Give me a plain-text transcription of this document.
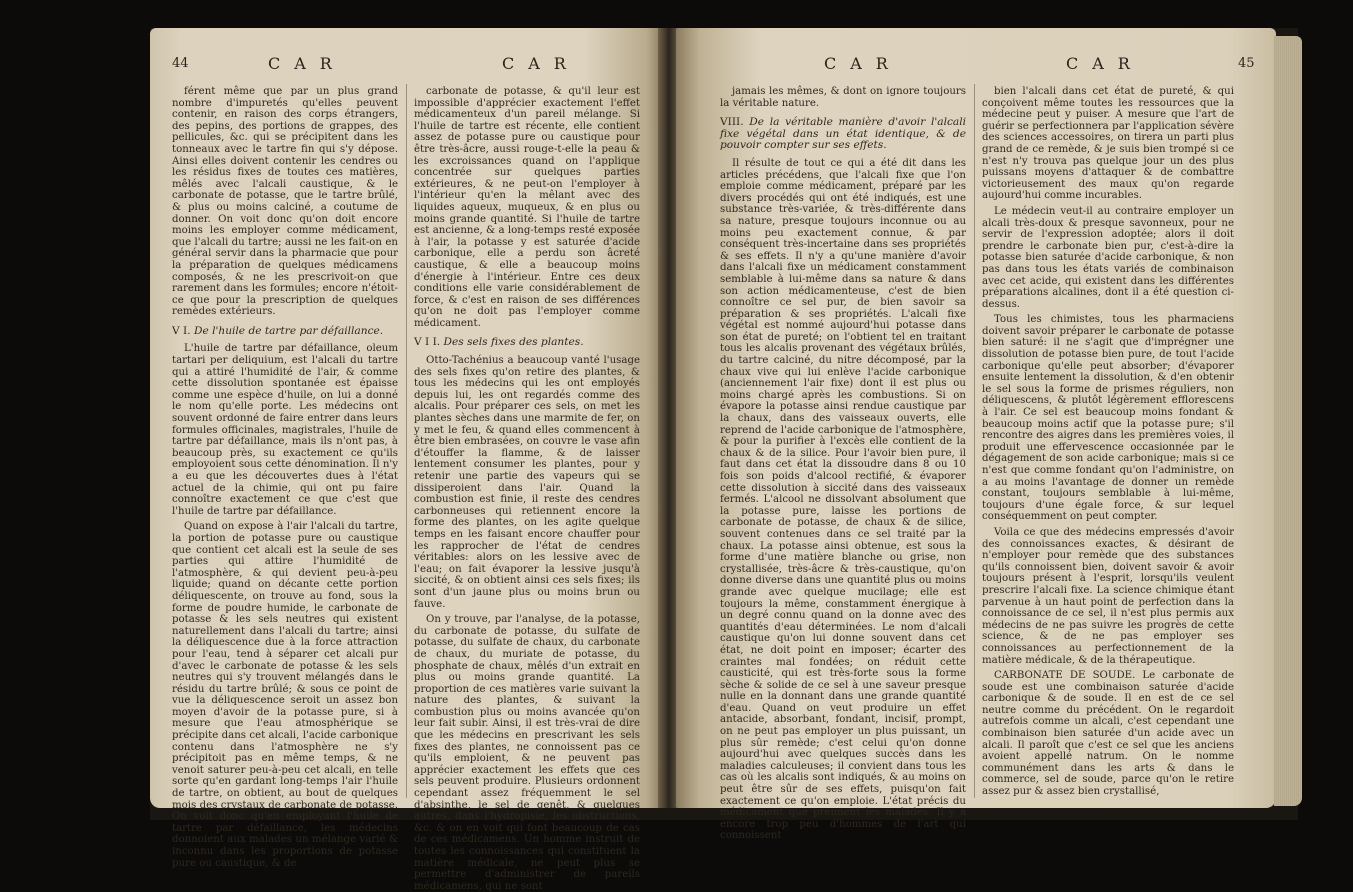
44	CAR	CAR

férent même que par un plus grand nombre d'impuretés qu'elles peuvent contenir, en raison des corps étrangers, des pepins, des portions de grappes, des pellicules, &c. qui se précipitent dans les tonneaux avec le tartre fin qui s'y dépose. Ainsi elles doivent contenir les cendres ou les résidus fixes de toutes ces matières, mêlés avec l'alcali caustique, & le carbonate de potasse, que le tartre brûlé, & plus ou moins calciné, a coutume de donner. On voit donc qu'on doit encore moins les employer comme médicament, que l'alcali du tartre; aussi ne les fait-on en général servir dans la pharmacie que pour la préparation de quelques médicamens composés, & ne les prescrivoit-on que rarement dans les formules; encore n'étoit-ce que pour la prescription de quelques remèdes extérieurs.

V I. De l'huile de tartre par défaillance.

L'huile de tartre par défaillance, oleum tartari per deliquium, est l'alcali du tartre qui a attiré l'humidité de l'air, & comme cette dissolution spontanée est épaisse comme une espèce d'huile, on lui a donné le nom qu'elle porte. Les médecins ont souvent ordonné de faire entrer dans leurs formules officinales, magistrales, l'huile de tartre par défaillance, mais ils n'ont pas, à beaucoup près, su exactement ce qu'ils employoient sous cette dénomination. Il n'y a eu que les découvertes dues à l'état actuel de la chimie, qui ont pu faire connoître exactement ce que c'est que l'huile de tartre par défaillance.

Quand on expose à l'air l'alcali du tartre, la portion de potasse pure ou caustique que contient cet alcali est la seule de ses parties qui attire l'humidité de l'atmosphère, & qui devient peu-à-peu liquide; quand on décante cette portion déliquescente, on trouve au fond, sous la forme de poudre humide, le carbonate de potasse & les sels neutres qui existent naturellement dans l'alcali du tartre; ainsi la déliquescence due à la force attraction pour l'eau, tend à séparer cet alcali pur d'avec le carbonate de potasse & les sels neutres qui s'y trouvent mélangés dans le résidu du tartre brûlé; & sous ce point de vue la déliquescence seroit un assez bon moyen d'avoir de la potasse pure, si à mesure que l'eau atmosphérique se précipite dans cet alcali, l'acide carbonique contenu dans l'atmosphère ne s'y précipitoit pas en même temps, & ne venoit saturer peu-à-peu cet alcali, en telle sorte qu'en gardant long-temps l'air l'huile de tartre, on obtient, au bout de quelques mois des crystaux de carbonate de potasse. On voit donc qu'en employant l'huile de tartre par défaillance, les médecins donnoient aux malades un mélange varié & inconnu dans les proportions de potasse pure ou caustique, & de

carbonate de potasse, & qu'il leur est impossible d'apprécier exactement l'effet médicamenteux d'un pareil mélange. Si l'huile de tartre est récente, elle contient assez de potasse pure ou caustique pour être très-âcre, aussi rouge-t-elle la peau & les excroissances quand on l'applique concentrée sur quelques parties extérieures, & ne peut-on l'employer à l'intérieur qu'en la mêlant avec des liquides aqueux, muqueux, & en plus ou moins grande quantité. Si l'huile de tartre est ancienne, & a long-temps resté exposée à l'air, la potasse y est saturée d'acide carbonique, elle a perdu son âcreté caustique, & elle a beaucoup moins d'énergie à l'intérieur. Entre ces deux conditions elle varie considérablement de force, & c'est en raison de ses différences qu'on ne doit pas l'employer comme médicament.

V I I. Des sels fixes des plantes.

Otto-Tachénius a beaucoup vanté l'usage des sels fixes qu'on retire des plantes, & tous les médecins qui les ont employés depuis lui, les ont regardés comme des alcalis. Pour préparer ces sels, on met les plantes sèches dans une marmite de fer, on y met le feu, & quand elles commencent à être bien embrasées, on couvre le vase afin d'étouffer la flamme, & de laisser lentement consumer les plantes, pour y retenir une partie des vapeurs qui se dissiperoient dans l'air. Quand la combustion est finie, il reste des cendres carbonneuses qui retiennent encore la forme des plantes, on les agite quelque temps en les faisant encore chauffer pour les rapprocher de l'état de cendres véritables: alors on les lessive avec de l'eau; on fait évaporer la lessive jusqu'à siccité, & on obtient ainsi ces sels fixes; ils sont d'un jaune plus ou moins brun ou fauve.

On y trouve, par l'analyse, de la potasse, du carbonate de potasse, du sulfate de potasse, du sulfate de chaux, du carbonate de chaux, du muriate de potasse, du phosphate de chaux, mêlés d'un extrait en plus ou moins grande quantité. La proportion de ces matières varie suivant la nature des plantes, & suivant la combustion plus ou moins avancée qu'on leur fait subir. Ainsi, il est très-vrai de dire que les médecins en prescrivant les sels fixes des plantes, ne connoissent pas ce qu'ils emploient, & ne peuvent pas apprécier exactement les effets que ces sels peuvent produire. Plusieurs ordonnent cependant assez fréquemment le sel d'absinthe, le sel de genêt, & quelques autres, dans l'hydropisie, les obstructions, &c. & on en voit qui font beaucoup de cas de ces médicamens. Un homme instruit de toutes les connoissances qui constituent la matière médicale, ne peut plus se permettre d'administrer de pareils médicamens, qui ne sont

CAR	CAR	45

jamais les mêmes, & dont on ignore toujours la véritable nature.

VIII. De la véritable manière d'avoir l'alcali fixe végétal dans un état identique, & de pouvoir compter sur ses effets.

Il résulte de tout ce qui a été dit dans les articles précédens, que l'alcali fixe que l'on emploie comme médicament, préparé par les divers procédés qui ont été indiqués, est une substance très-variée, & très-différente dans sa nature, presque toujours inconnue ou au moins peu exactement connue, & par conséquent très-incertaine dans ses propriétés & ses effets. Il n'y a qu'une manière d'avoir dans l'alcali fixe un médicament constamment semblable à lui-même dans sa nature & dans son action médicamenteuse, c'est de bien connoître ce sel pur, de bien savoir sa préparation & ses propriétés. L'alcali fixe végétal est nommé aujourd'hui potasse dans son état de pureté; on l'obtient tel en traitant tous les alcalis provenant des végétaux brûlés, du tartre calciné, du nitre décomposé, par la chaux vive qui lui enlève l'acide carbonique (anciennement l'air fixe) dont il est plus ou moins chargé après les combustions. Si on évapore la potasse ainsi rendue caustique par la chaux, dans des vaisseaux ouverts, elle reprend de l'acide carbonique de l'atmosphère, & pour la purifier à l'excès elle contient de la chaux & de la silice. Pour l'avoir bien pure, il faut dans cet état la dissoudre dans 8 ou 10 fois son poids d'alcool rectifié, & évaporer cette dissolution à siccité dans des vaisseaux fermés. L'alcool ne dissolvant absolument que la potasse pure, laisse les portions de carbonate de potasse, de chaux & de silice, souvent contenues dans ce sel traité par la chaux. La potasse ainsi obtenue, est sous la forme d'une matière blanche ou grise, non crystallisée, très-âcre & très-caustique, qu'on donne diverse dans une quantité plus ou moins grande avec quelque mucilage; elle est toujours la même, constamment énergique à un degré connu quand on la donne avec des quantités d'eau déterminées. Le nom d'alcali caustique qu'on lui donne souvent dans cet état, ne doit point en imposer; écarter des craintes mal fondées; on réduit cette causticité, qui est très-forte sous la forme sèche & solide de ce sel à une saveur presque nulle en la donnant dans une grande quantité d'eau. Quand on veut produire un effet antacide, absorbant, fondant, incisif, prompt, on ne peut pas employer un plus puissant, un plus sûr remède; c'est celui qu'on donne aujourd'hui avec quelques succès dans les maladies calculeuses; il convient dans tous les cas où les alcalis sont indiqués, & au moins on peut être sûr de ses effets, puisqu'on fait exactement ce qu'on emploie. L'état précis du médicament que prennent les malades. Il y a encore trop peu d'hommes de l'art qui connoissent

bien l'alcali dans cet état de pureté, & qui conçoivent même toutes les ressources que la médecine peut y puiser. A mesure que l'art de guérir se perfectionnera par l'application sévère des sciences accessoires, on tirera un parti plus grand de ce remède, & je suis bien trompé si ce n'est n'y trouva pas quelque jour un des plus puissans moyens d'attaquer & de combattre victorieusement des maux qu'on regarde aujourd'hui comme incurables.

Le médecin veut-il au contraire employer un alcali très-doux & presque savonneux, pour ne servir de l'expression adoptée; alors il doit prendre le carbonate bien pur, c'est-à-dire la potasse bien saturée d'acide carbonique, & non pas dans tous les états variés de combinaison avec cet acide, qui existent dans les différentes préparations alcalines, dont il a été question ci-dessus.

Tous les chimistes, tous les pharmaciens doivent savoir préparer le carbonate de potasse bien saturé: il ne s'agit que d'imprégner une dissolution de potasse bien pure, de tout l'acide carbonique qu'elle peut absorber; d'évaporer ensuite lentement la dissolution, & d'en obtenir le sel sous la forme de prismes réguliers, non déliquescens, & plutôt légèrement efflorescens à l'air. Ce sel est beaucoup moins fondant & beaucoup moins actif que la potasse pure; s'il rencontre des aigres dans les premières voies, il produit une effervescence occasionnée par le dégagement de son acide carbonique; mais si ce n'est que comme fondant qu'on l'administre, on a au moins l'avantage de donner un remède constant, toujours semblable à lui-même, toujours d'une égale force, & sur lequel conséquemment on peut compter.

Voila ce que des médecins empressés d'avoir des connoissances exactes, & désirant de n'employer pour remède que des substances qu'ils connoissent bien, doivent savoir & avoir toujours présent à l'esprit, lorsqu'ils veulent prescrire l'alcali fixe. La science chimique étant parvenue à un haut point de perfection dans la connoissance de ce sel, il n'est plus permis aux médecins de ne pas suivre les progrès de cette science, & de ne pas employer ses connoissances au perfectionnement de la matière médicale, & de la thérapeutique.

CARBONATE DE SOUDE. Le carbonate de soude est une combinaison saturée d'acide carbonique & de soude. Il en est de ce sel neutre comme du précédent. On le regardoit autrefois comme un alcali, c'est cependant une combinaison bien saturée d'un acide avec un alcali. Il paroît que c'est ce sel que les anciens avoient appellé natrum. On le nomme communément dans les arts & dans le commerce, sel de soude, parce qu'on le retire assez pur & assez bien crystallisé,
